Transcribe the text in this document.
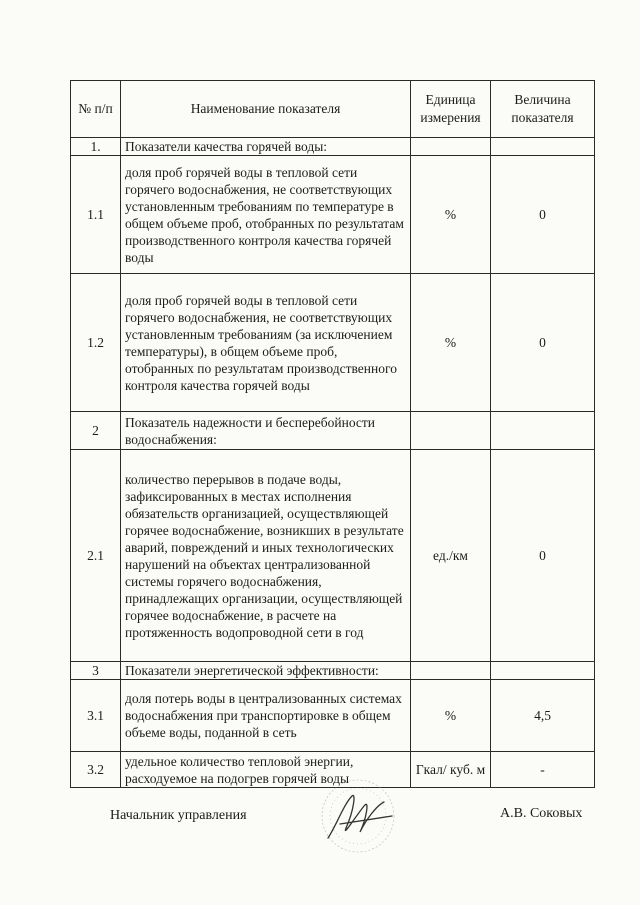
№ п/п	Наименование показателя	Единица измерения	Величина показателя
1.	Показатели качества горячей воды:		
1.1	доля проб горячей воды в тепловой сети горячего водоснабжения, не соответствующих установленным требованиям по температуре в общем объеме проб, отобранных по результатам производственного контроля качества горячей воды	%	0
1.2	доля проб горячей воды в тепловой сети горячего водоснабжения, не соответствующих установленным требованиям (за исключением температуры), в общем объеме проб, отобранных по результатам производственного контроля качества горячей воды	%	0
2	Показатель надежности и бесперебойности водоснабжения:		
2.1	количество перерывов в подаче воды, зафиксированных в местах исполнения обязательств организацией, осуществляющей горячее водоснабжение, возникших в результате аварий, повреждений и иных технологических нарушений на объектах централизованной системы горячего водоснабжения, принадлежащих организации, осуществляющей горячее водоснабжение, в расчете на протяженность водопроводной сети в год	ед./км	0
3	Показатели энергетической эффективности:		
3.1	доля потерь воды в централизованных системах водоснабжения при транспортировке в общем объеме воды, поданной в сеть	%	4,5
3.2	удельное количество тепловой энергии, расходуемое на подогрев горячей воды	Гкал/ куб. м	-
Начальник управления	А.В. Соковых
